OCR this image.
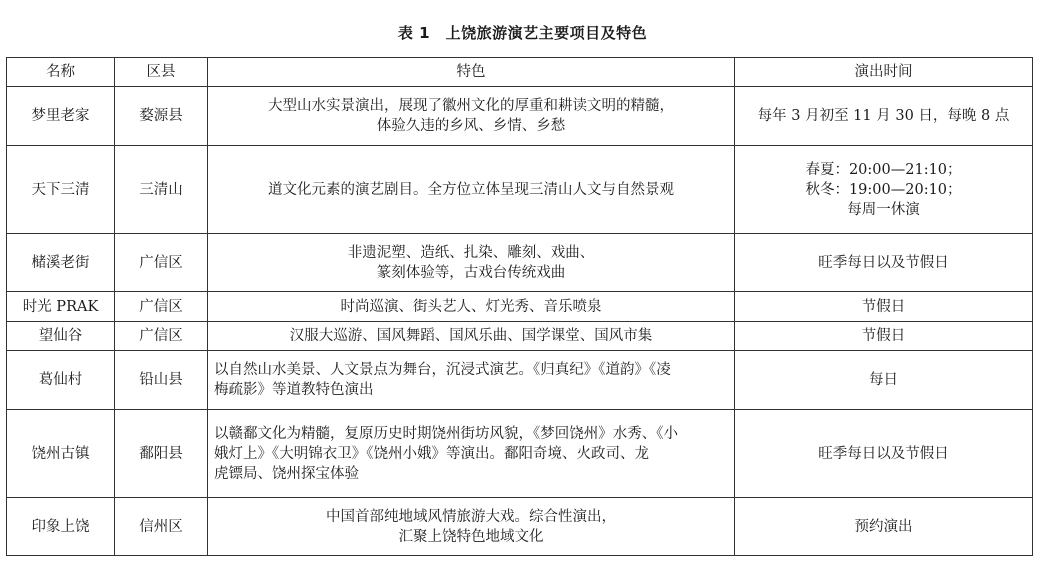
表 1　上饶旅游演艺主要项目及特色
名称	区县	特色	演出时间
梦里老家	婺源县	大型山水实景演出，展现了徽州文化的厚重和耕读文明的精髓，
体验久违的乡风、乡情、乡愁	每年 3 月初至 11 月 30 日，每晚 8 点
天下三清	三清山	道文化元素的演艺剧目。全方位立体呈现三清山人文与自然景观	春夏：20:00—21:10；
秋冬：19:00—20:10；
每周一休演
槠溪老街	广信区	非遗泥塑、造纸、扎染、雕刻、戏曲、
篆刻体验等，古戏台传统戏曲	旺季每日以及节假日
时光 PRAK	广信区	时尚巡演、街头艺人、灯光秀、音乐喷泉	节假日
望仙谷	广信区	汉服大巡游、国风舞蹈、国风乐曲、国学课堂、国风市集	节假日
葛仙村	铅山县	以自然山水美景、人文景点为舞台，沉浸式演艺。《归真纪》《道韵》《凌
梅疏影》等道教特色演出	每日
饶州古镇	鄱阳县	以赣鄱文化为精髓，复原历史时期饶州街坊风貌，《梦回饶州》水秀、《小
娥灯上》《大明锦衣卫》《饶州小娥》等演出。鄱阳奇境、火政司、龙
虎镖局、饶州探宝体验	旺季每日以及节假日
印象上饶	信州区	中国首部纯地域风情旅游大戏。综合性演出，
汇聚上饶特色地域文化	预约演出
